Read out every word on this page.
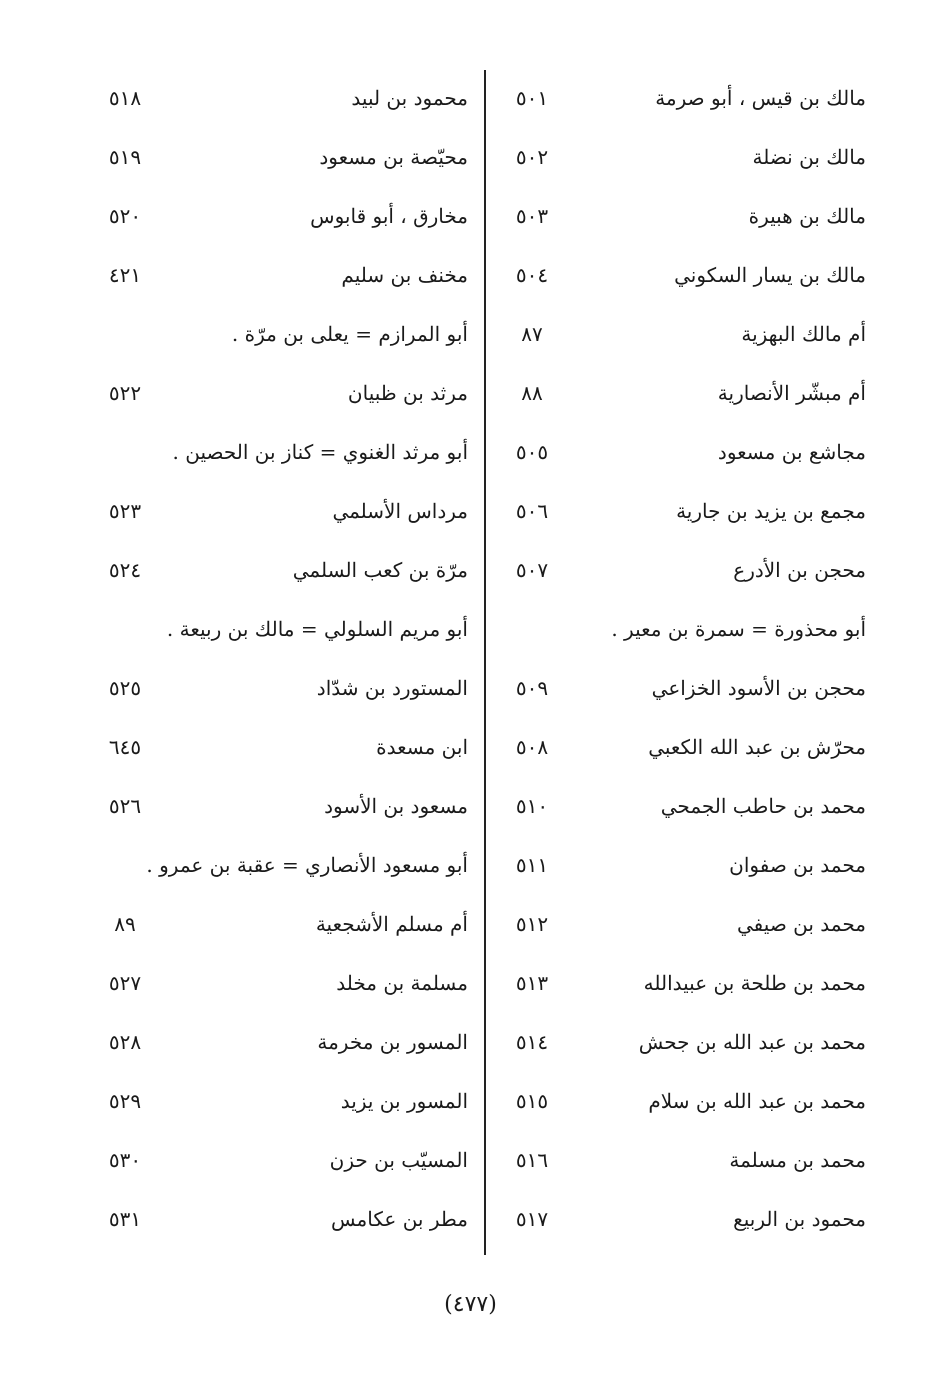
مالك بن قيس ، أبو صرمة
٥٠١
مالك بن نضلة
٥٠٢
مالك بن هبيرة
٥٠٣
مالك بن يسار السكوني
٥٠٤
أم مالك البهزية
٨٧
أم مبشّر الأنصارية
٨٨
مجاشع بن مسعود
٥٠٥
مجمع بن يزيد بن جارية
٥٠٦
محجن بن الأدرع
٥٠٧
أبو محذورة = سمرة بن معير .
محجن بن الأسود الخزاعي
٥٠٩
محرّش بن عبد الله الكعبي
٥٠٨
محمد بن حاطب الجمحي
٥١٠
محمد بن صفوان
٥١١
محمد بن صيفي
٥١٢
محمد بن طلحة بن عبيدالله
٥١٣
محمد بن عبد الله بن جحش
٥١٤
محمد بن عبد الله بن سلام
٥١٥
محمد بن مسلمة
٥١٦
محمود بن الربيع
٥١٧
محمود بن لبيد
٥١٨
محيّصة بن مسعود
٥١٩
مخارق ، أبو قابوس
٥٢٠
مخنف بن سليم
٤٢١
أبو المرازم = يعلى بن مرّة .
مرثد بن ظبيان
٥٢٢
أبو مرثد الغنوي = كناز بن الحصين .
مرداس الأسلمي
٥٢٣
مرّة بن كعب السلمي
٥٢٤
أبو مريم السلولي = مالك بن ربيعة .
المستورد بن شدّاد
٥٢٥
ابن مسعدة
٦٤٥
مسعود بن الأسود
٥٢٦
أبو مسعود الأنصاري = عقبة بن عمرو .
أم مسلم الأشجعية
٨٩
مسلمة بن مخلد
٥٢٧
المسور بن مخرمة
٥٢٨
المسور بن يزيد
٥٢٩
المسيّب بن حزن
٥٣٠
مطر بن عكامس
٥٣١
(٤٧٧)
